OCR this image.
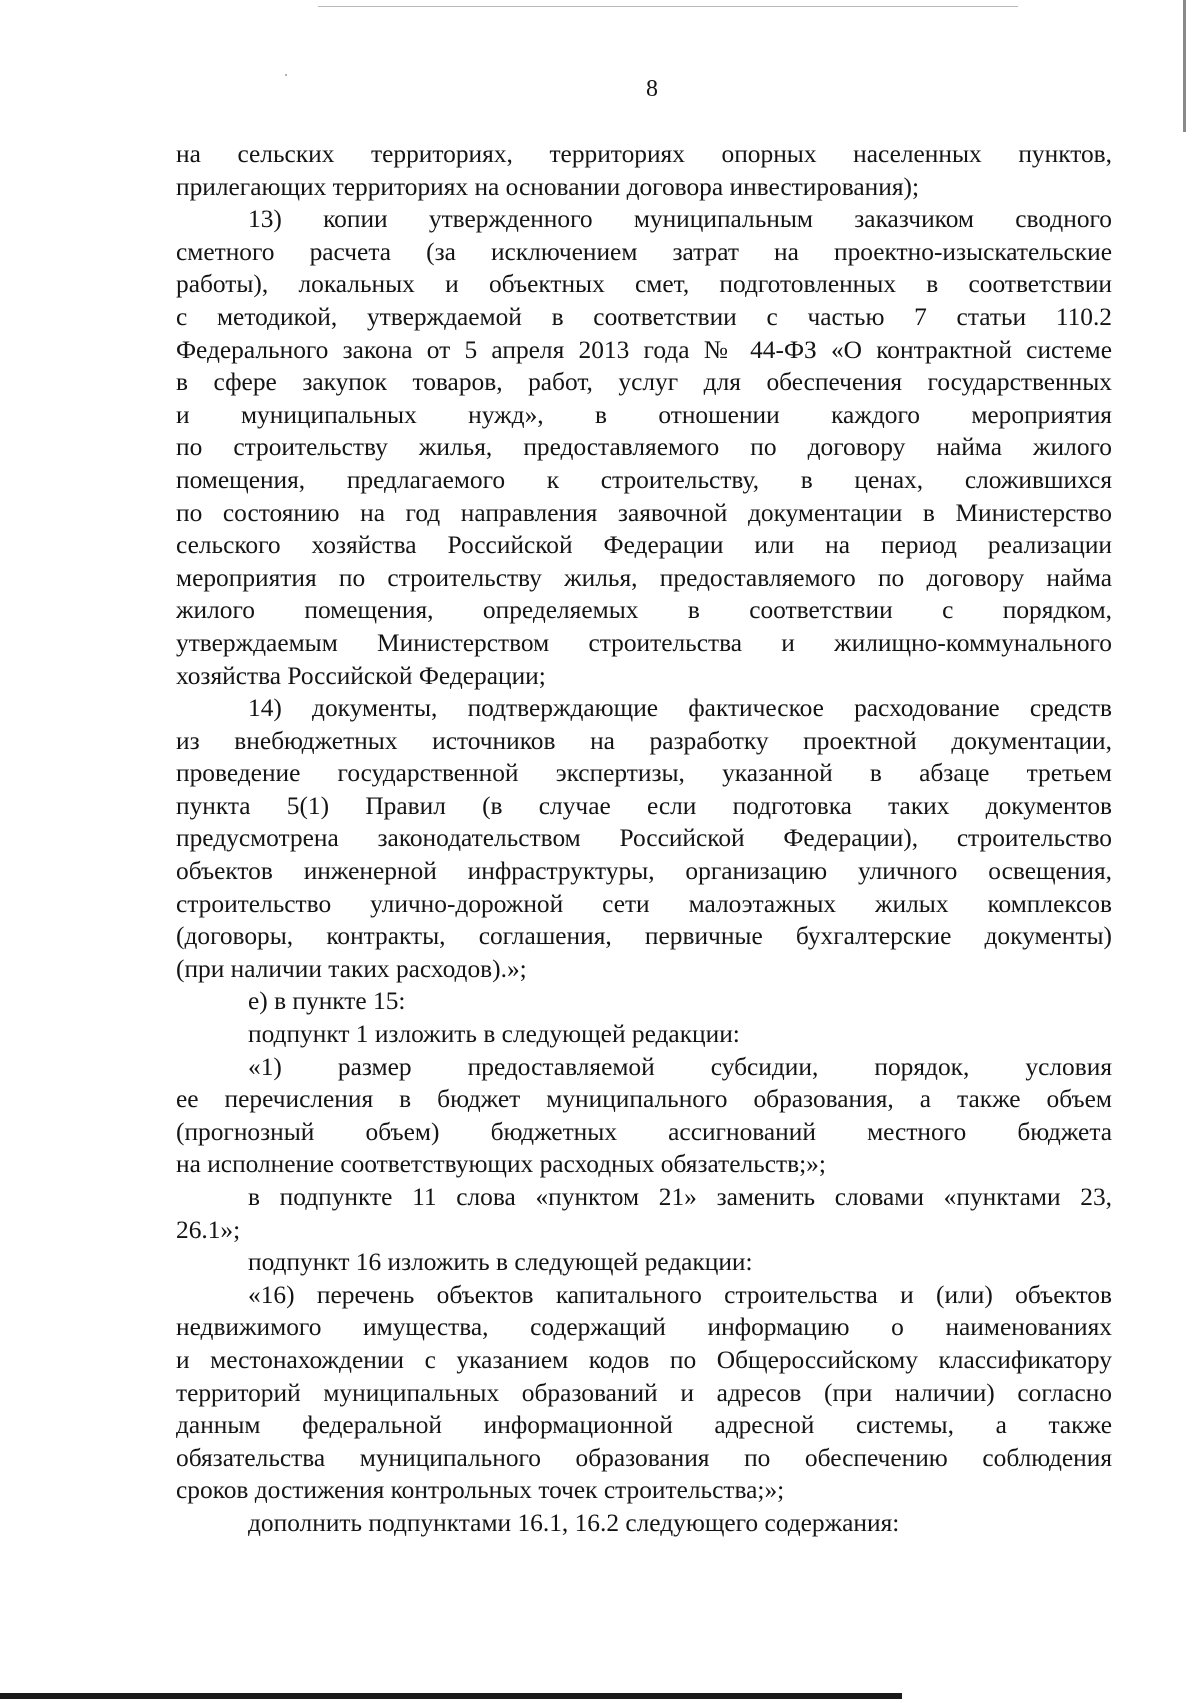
8
на сельских территориях, территориях опорных населенных пунктов,
прилегающих территориях на основании договора инвестирования);
13) копии утвержденного муниципальным заказчиком сводного
сметного расчета (за исключением затрат на проектно-изыскательские
работы), локальных и объектных смет, подготовленных в соответствии
с методикой, утверждаемой в соответствии с частью 7 статьи 110.2
Федерального закона от 5 апреля 2013 года № 44-ФЗ «О контрактной системе
в сфере закупок товаров, работ, услуг для обеспечения государственных
и муниципальных нужд», в отношении каждого мероприятия
по строительству жилья, предоставляемого по договору найма жилого
помещения, предлагаемого к строительству, в ценах, сложившихся
по состоянию на год направления заявочной документации в Министерство
сельского хозяйства Российской Федерации или на период реализации
мероприятия по строительству жилья, предоставляемого по договору найма
жилого помещения, определяемых в соответствии с порядком,
утверждаемым Министерством строительства и жилищно-коммунального
хозяйства Российской Федерации;
14) документы, подтверждающие фактическое расходование средств
из внебюджетных источников на разработку проектной документации,
проведение государственной экспертизы, указанной в абзаце третьем
пункта 5(1) Правил (в случае если подготовка таких документов
предусмотрена законодательством Российской Федерации), строительство
объектов инженерной инфраструктуры, организацию уличного освещения,
строительство улично-дорожной сети малоэтажных жилых комплексов
(договоры, контракты, соглашения, первичные бухгалтерские документы)
(при наличии таких расходов).»;
е) в пункте 15:
подпункт 1 изложить в следующей редакции:
«1) размер предоставляемой субсидии, порядок, условия
ее перечисления в бюджет муниципального образования, а также объем
(прогнозный объем) бюджетных ассигнований местного бюджета
на исполнение соответствующих расходных обязательств;»;
в подпункте 11 слова «пунктом 21» заменить словами «пунктами 23,
26.1»;
подпункт 16 изложить в следующей редакции:
«16) перечень объектов капитального строительства и (или) объектов
недвижимого имущества, содержащий информацию о наименованиях
и местонахождении с указанием кодов по Общероссийскому классификатору
территорий муниципальных образований и адресов (при наличии) согласно
данным федеральной информационной адресной системы, а также
обязательства муниципального образования по обеспечению соблюдения
сроков достижения контрольных точек строительства;»;
дополнить подпунктами 16.1, 16.2 следующего содержания:
